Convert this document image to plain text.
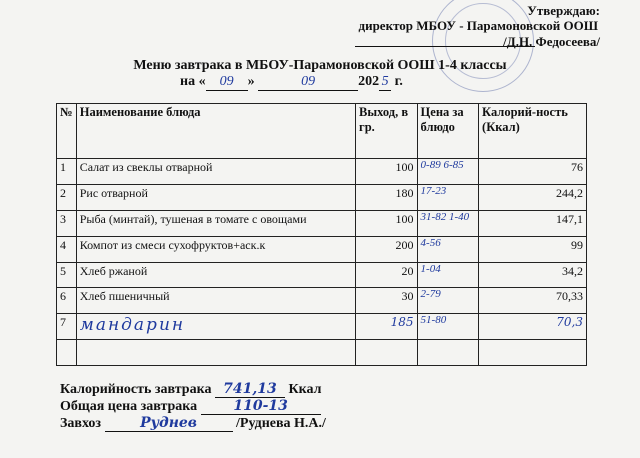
Утверждаю:
директор МБОУ - Парамоновской ООШ
/Д.Н. Федосеева/
Меню завтрака в МБОУ-Парамоновской ООШ 1-4 классы
на « 09 »	09	202 5 г.
№	Наименование блюда	Выход, в гр.	Цена за блюдо	Калорий-ность (Ккал)
1	Салат из свеклы отварной	100	0-89 6-85	76
2	Рис отварной	180	17-23	244,2
3	Рыба (минтай), тушеная в томате с овощами	100	31-82 1-40	147,1
4	Компот из смеси сухофруктов+аск.к	200	4-56	99
5	Хлеб ржаной	20	1-04	34,2
6	Хлеб пшеничный	30	2-79	70,33
7	мандарин	185	51-80	70,3

Калорийность завтрака 741,13 Ккал
Общая цена завтрака	110-13
Завхоз	Руднев	/Руднева Н.А./
